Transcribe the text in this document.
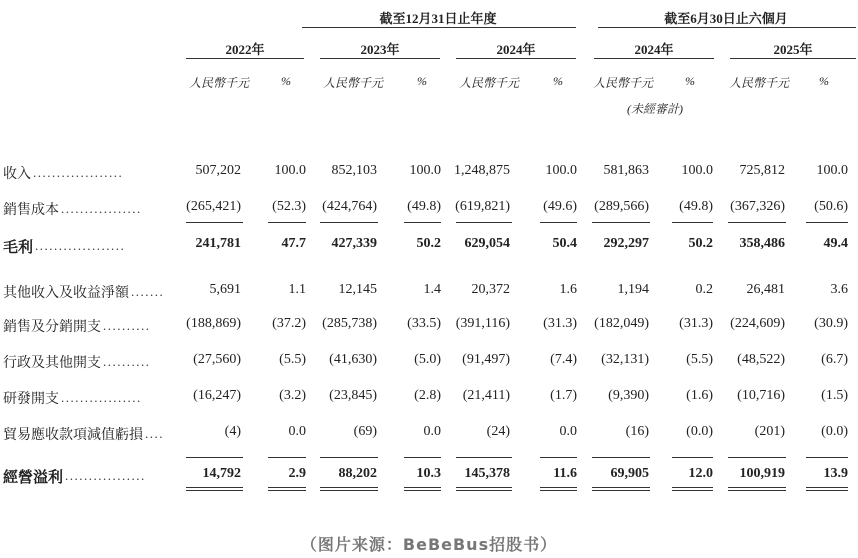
截至12月31日止年度	截至6月30日止六個月
2022年	2023年	2024年	2024年	2025年
人民幣千元	%	人民幣千元	%	人民幣千元	%	人民幣千元	%	人民幣千元	%
(未經審計)
收入 ...................	507,202	100.0	852,103	100.0 1,248,875	100.0	581,863	100.0	725,812	100.0
銷售成本 .................	(265,421)	(52.3)	(424,764)	(49.8)	(619,821)	(49.6)	(289,566)	(49.8)	(367,326)	(50.6)
毛利 ...................	241,781	47.7	427,339	50.2	629,054	50.4	292,297	50.2	358,486	49.4
其他收入及收益淨額 .......	5,691	1.1	12,145	1.4	20,372	1.6	1,194	0.2	26,481	3.6
銷售及分銷開支 ..........	(188,869)	(37.2)	(285,738)	(33.5)	(391,116)	(31.3)	(182,049)	(31.3)	(224,609)	(30.9)
行政及其他開支 ..........	(27,560)	(5.5)	(41,630)	(5.0)	(91,497)	(7.4)	(32,131)	(5.5)	(48,522)	(6.7)
研發開支 .................	(16,247)	(3.2)	(23,845)	(2.8)	(21,411)	(1.7)	(9,390)	(1.6)	(10,716)	(1.5)
貿易應收款項減值虧損 ....	(4)	0.0	(69)	0.0	(24)	0.0	(16)	(0.0)	(201)	(0.0)
經營溢利 .................	14,792	2.9	88,202	10.3	145,378	11.6	69,905	12.0	100,919	13.9
（图片来源：BeBeBus招股书）
